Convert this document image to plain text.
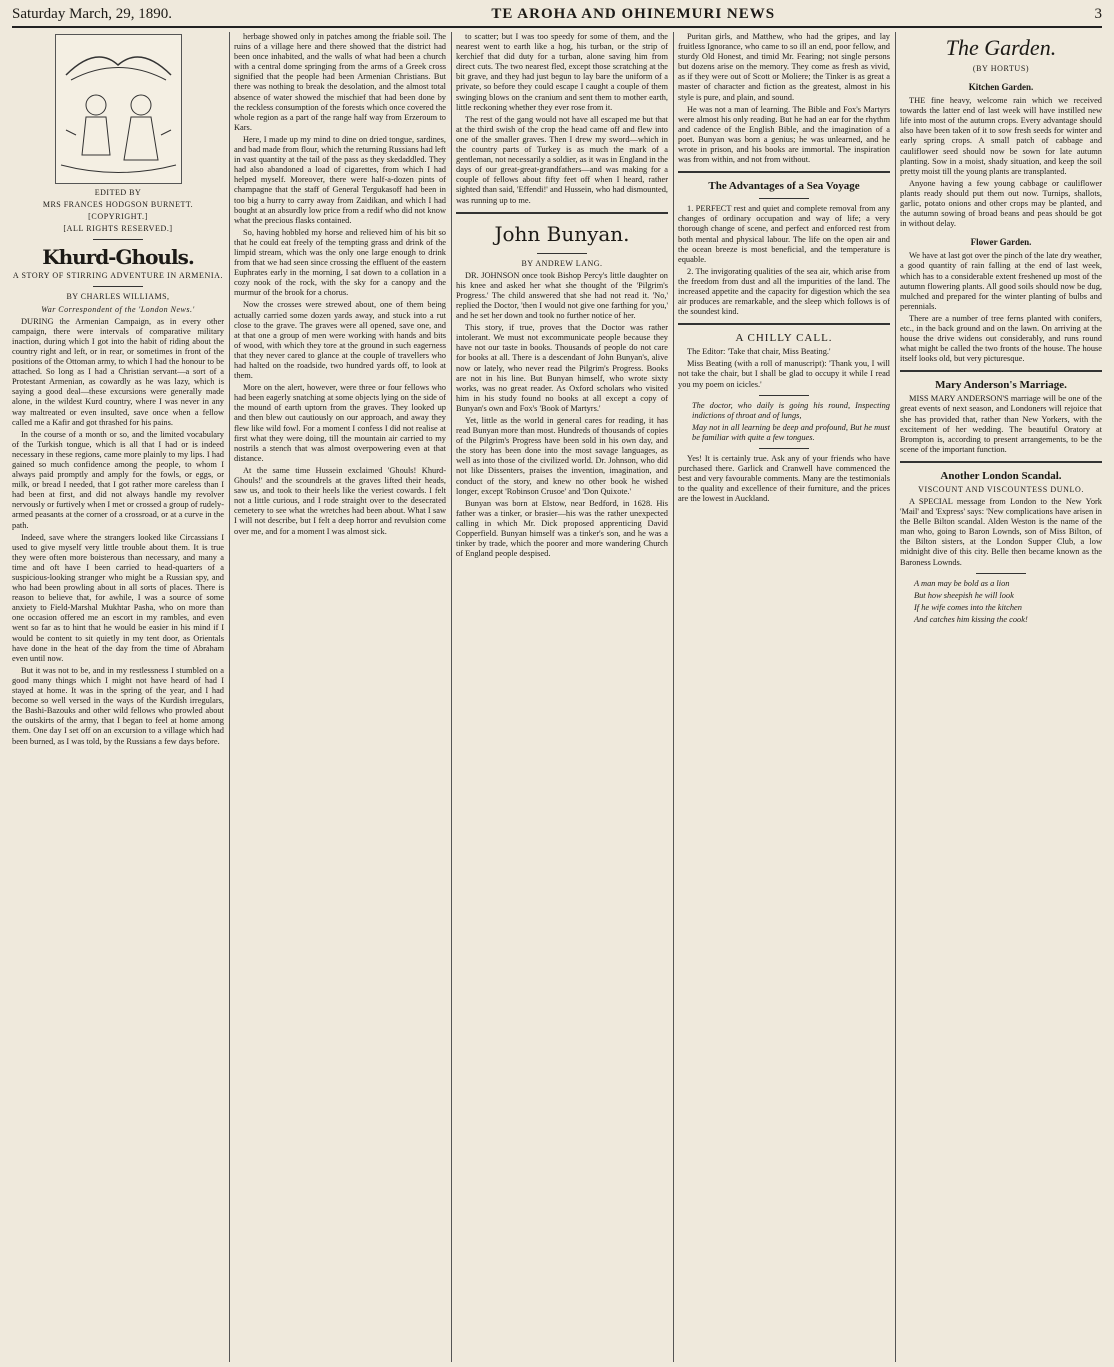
Saturday March, 29, 1890.	TE AROHA AND OHINEMURI NEWS	3
EDITED BY
MRS FRANCES HODGSON BURNETT.
[COPYRIGHT.]
[ALL RIGHTS RESERVED.]
Khurd-Ghouls.
A STORY OF STIRRING ADVENTURE IN ARMENIA.
BY CHARLES WILLIAMS,
War Correspondent of the 'London News.'

DURING the Armenian Campaign, as in every other campaign, there were intervals of comparative military inaction, during which I got into the habit of riding about the country right and left, or in rear, or sometimes in front of the positions of the Ottoman army, to which I had the honour to be attached. So long as I had a Christian servant—a sort of a Protestant Armenian, as cowardly as he was lazy, which is saying a good deal—these excursions were generally made alone, in the wildest Kurd country, where I was never in any way maltreated or even insulted, save once when a fellow called me a Kafir and got thrashed for his pains.

In the course of a month or so, and the limited vocabulary of the Turkish tongue, which is all that I had or is indeed necessary in these regions, came more plainly to my lips. I had gained so much confidence among the people, to whom I always paid promptly and amply for the fowls, or eggs, or milk, or bread I needed, that I got rather more careless than I had been at first, and did not always handle my revolver nervously or furtively when I met or crossed a group of rudely-armed peasants at the corner of a crossroad, or at a curve in the path.

Indeed, save where the strangers looked like Circassians I used to give myself very little trouble about them. It is true they were often more boisterous than necessary, and many a time and oft have I been carried to head-quarters of a suspicious-looking stranger who might be a Russian spy, and who had been prowling about in all sorts of places. There is reason to believe that, for awhile, I was a source of some anxiety to Field-Marshal Mukhtar Pasha, who on more than one occasion offered me an escort in my rambles, and even went so far as to hint that he would be easier in his mind if I would be content to sit quietly in my tent door, as Orientals have done in the heat of the day from the time of Abraham even until now.

But it was not to be, and in my restlessness I stumbled on a good many things which I might not have heard of had I stayed at home. It was in the spring of the year, and I had become so well versed in the ways of the Kurdish irregulars, the Bashi-Bazouks and other wild fellows who prowled about the outskirts of the army, that I began to feel at home among them. One day I set off on an excursion to a village which had been burned, as I was told, by the Russians a few days before.

herbage showed only in patches among the friable soil. The ruins of a village here and there showed that the district had been once inhabited, and the walls of what had been a church with a central dome springing from the arms of a Greek cross signified that the people had been Armenian Christians. But there was nothing to break the desolation, and the almost total absence of water showed the mischief that had been done by the reckless consumption of the forests which once covered the whole region as a part of the range half way from Erzeroum to Kars.

Here, I made up my mind to dine on dried tongue, sardines, and bad made from flour, which the returning Russians had left in vast quantity at the tail of the pass as they skedaddled. They had also abandoned a load of cigarettes, from which I had helped myself. Moreover, there were half-a-dozen pints of champagne that the staff of General Tergukasoff had been in too big a hurry to carry away from Zaidikan, and which I had bought at an absurdly low price from a redif who did not know what the precious flasks contained.

So, having hobbled my horse and relieved him of his bit so that he could eat freely of the tempting grass and drink of the limpid stream, which was the only one large enough to drink from that we had seen since crossing the effluent of the eastern Euphrates early in the morning, I sat down to a collation in a cozy nook of the rock, with the sky for a canopy and the murmur of the brook for a chorus.

Now the crosses were strewed about, one of them being actually carried some dozen yards away, and stuck into a rut close to the grave. The graves were all opened, save one, and at that one a group of men were working with hands and bits of wood, with which they tore at the ground in such eagerness that they never cared to glance at the couple of travellers who had halted on the roadside, two hundred yards off, to look at them.

More on the alert, however, were three or four fellows who had been eagerly snatching at some objects lying on the side of the mound of earth uptorn from the graves. They looked up and then blew out cautiously on our approach, and away they flew like wild fowl. For a moment I confess I did not realise at first what they were doing, till the mountain air carried to my nostrils a stench that was almost overpowering even at that distance.

At the same time Hussein exclaimed 'Ghouls! Khurd-Ghouls!' and the scoundrels at the graves lifted their heads, saw us, and took to their heels like the veriest cowards. I felt not a little curious, and I rode straight over to the desecrated cemetery to see what the wretches had been about. What I saw I will not describe, but I felt a deep horror and revulsion come over me, and for a moment I was almost sick.

to scatter; but I was too speedy for some of them, and the nearest went to earth like a hog, his turban, or the strip of kerchief that did duty for a turban, alone saving him from direct cuts. The two nearest fled, except those scratching at the bit grave, and they had just begun to lay bare the uniform of a private, so before they could escape I caught a couple of them swinging blows on the cranium and sent them to mother earth, little reckoning whether they ever rose from it.

The rest of the gang would not have all escaped me but that at the third swish of the crop the head came off and flew into one of the smaller graves. Then I drew my sword—which in the country parts of Turkey is as much the mark of a gentleman, not necessarily a soldier, as it was in England in the days of our great-great-grandfathers—and was making for a couple of fellows about fifty feet off when I heard, rather sighted than said, 'Effendi!' and Hussein, who had dismounted, was running up to me.

John Bunyan.
BY ANDREW LANG.

DR. JOHNSON once took Bishop Percy's little daughter on his knee and asked her what she thought of the 'Pilgrim's Progress.' The child answered that she had not read it. 'No,' replied the Doctor, 'then I would not give one farthing for you,' and he set her down and took no further notice of her.

This story, if true, proves that the Doctor was rather intolerant. We must not excommunicate people because they have not our taste in books. Thousands of people do not care for books at all. There is a descendant of John Bunyan's, alive now or lately, who never read the Pilgrim's Progress. Books are not in his line. But Bunyan himself, who wrote sixty works, was no great reader. As Oxford scholars who visited him in his study found no books at all except a copy of Bunyan's own and Fox's 'Book of Martyrs.'

Yet, little as the world in general cares for reading, it has read Bunyan more than most. Hundreds of thousands of copies of the Pilgrim's Progress have been sold in his own day, and the story has been done into the most savage languages, as well as into those of the civilized world. Dr. Johnson, who did not like Dissenters, praises the invention, imagination, and conduct of the story, and knew no other book he wished longer, except 'Robinson Crusoe' and 'Don Quixote.'

Bunyan was born at Elstow, near Bedford, in 1628. His father was a tinker, or brasier—his was the rather unexpected calling in which Mr. Dick proposed apprenticing David Copperfield. Bunyan himself was a tinker's son, and he was a tinker by trade, which the poorer and more wandering Church of England people despised.

Puritan girls, and Matthew, who had the gripes, and lay fruitless Ignorance, who came to so ill an end, poor fellow, and sturdy Old Honest, and timid Mr. Fearing; not single persons but dozens arise on the memory. They come as fresh as vivid, as if they were out of Scott or Moliere; the Tinker is as great a master of character and fiction as the greatest, almost in his style is pure, and plain, and sound.

He was not a man of learning. The Bible and Fox's Martyrs were almost his only reading. But he had an ear for the rhythm and cadence of the English Bible, and the imagination of a poet. Bunyan was born a genius; he was unlearned, and he wrote in prison, and his books are immortal. The inspiration was from within, and not from without.

The Advantages of a Sea Voyage

1. PERFECT rest and quiet and complete removal from any changes of ordinary occupation and way of life; a very thorough change of scene, and perfect and enforced rest from both mental and physical labour. The life on the open air and the ocean breeze is most beneficial, and the temperature is equable.

2. The invigorating qualities of the sea air, which arise from the freedom from dust and all the impurities of the land. The increased appetite and the capacity for digestion which the sea air produces are remarkable, and the sleep which follows is of the soundest kind.

A CHILLY CALL.

The Editor: 'Take that chair, Miss Beating.'

Miss Beating (with a roll of manuscript): 'Thank you, I will not take the chair, but I shall be glad to occupy it while I read you my poem on icicles.'

The doctor, who daily is going his round, Inspecting indictions of throat and of lungs,

May not in all learning be deep and profound, But he must be familiar with quite a few tongues.

Yes! It is certainly true. Ask any of your friends who have purchased there. Garlick and Cranwell have commenced the best and very favourable comments. Many are the testimonials to the quality and excellence of their furniture, and the prices are the lowest in Auckland.

The Garden.
(BY HORTUS)
Kitchen Garden.

THE fine heavy, welcome rain which we received towards the latter end of last week will have instilled new life into most of the autumn crops. Every advantage should also have been taken of it to sow fresh seeds for winter and early spring crops. A small patch of cabbage and cauliflower seed should now be sown for late autumn planting. Sow in a moist, shady situation, and keep the soil pretty moist till the young plants are transplanted.

Anyone having a few young cabbage or cauliflower plants ready should put them out now. Turnips, shallots, garlic, potato onions and other crops may be planted, and the autumn sowing of broad beans and peas should be got in without delay.

Flower Garden.

We have at last got over the pinch of the late dry weather, a good quantity of rain falling at the end of last week, which has to a considerable extent freshened up most of the autumn flowering plants. All good soils should now be dug, mulched and prepared for the winter planting of bulbs and perennials.

There are a number of tree ferns planted with conifers, etc., in the back ground and on the lawn. On arriving at the house the drive widens out considerably, and runs round what might be called the two fronts of the house. The house itself looks old, but very picturesque.

Mary Anderson's Marriage.

MISS MARY ANDERSON'S marriage will be one of the great events of next season, and Londoners will rejoice that she has provided that, rather than New Yorkers, with the excitement of her wedding. The beautiful Oratory at Brompton is, according to present arrangements, to be the scene of the important function.

Another London Scandal.
VISCOUNT AND VISCOUNTESS DUNLO.

A SPECIAL message from London to the New York 'Mail' and 'Express' says: 'New complications have arisen in the Belle Bilton scandal. Alden Weston is the name of the man who, going to Baron Lownds, son of Miss Bilton, of the Bilton sisters, at the London Supper Club, a low midnight dive of this city. Belle then became known as the Baroness Lownds.

A man may be bold as a lion

But how sheepish he will look

If he wife comes into the kitchen

And catches him kissing the cook!
